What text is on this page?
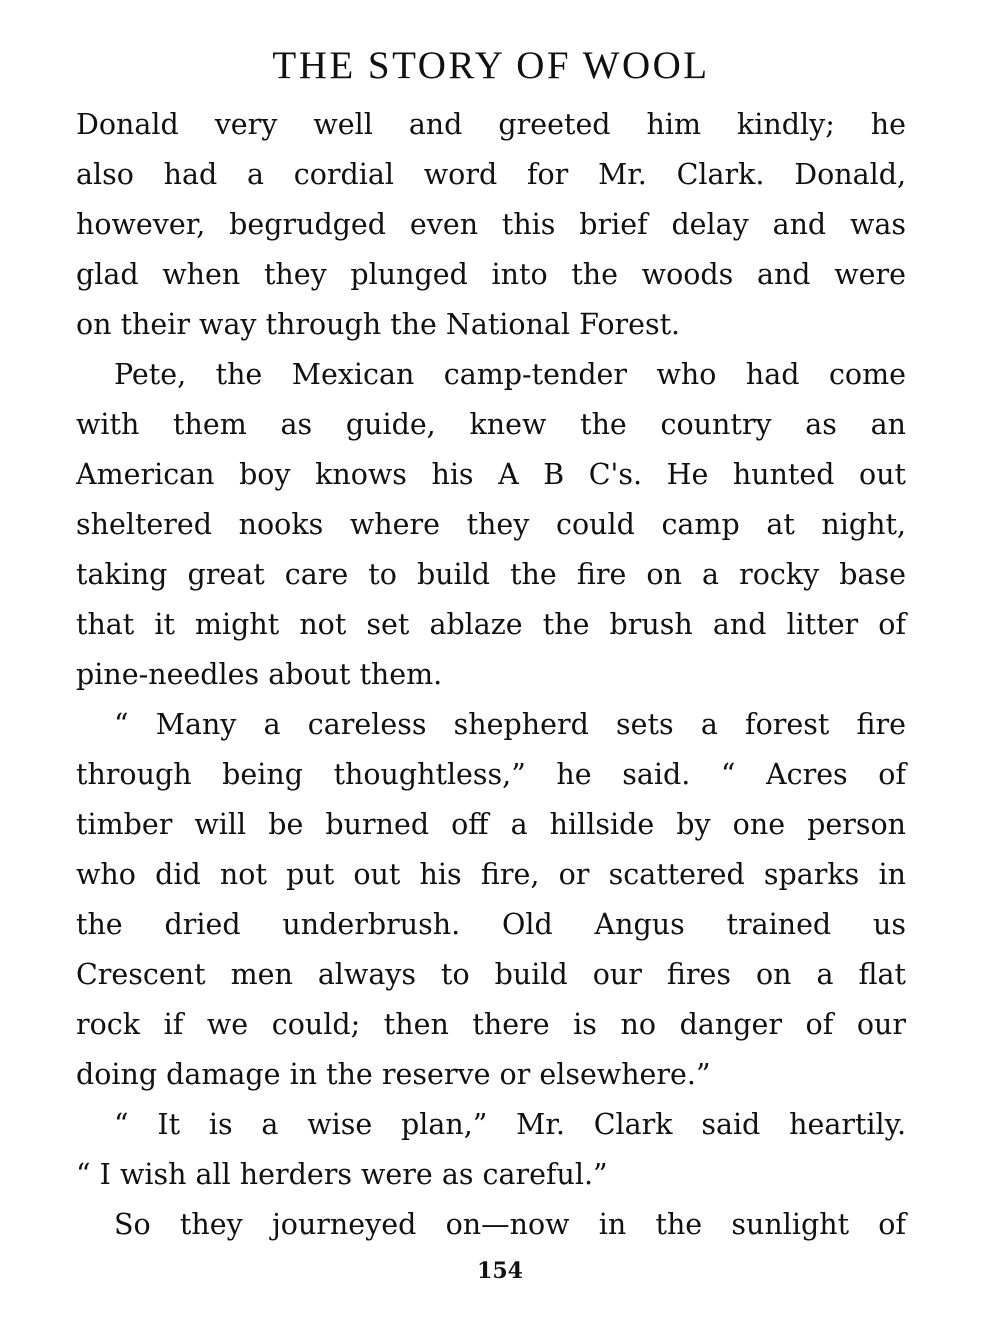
THE STORY OF WOOL
Donald very well and greeted him kindly; he
also had a cordial word for Mr. Clark. Donald,
however, begrudged even this brief delay and was
glad when they plunged into the woods and were
on their way through the National Forest.
Pete, the Mexican camp-tender who had come
with them as guide, knew the country as an
American boy knows his A B C's. He hunted out
sheltered nooks where they could camp at night,
taking great care to build the fire on a rocky base
that it might not set ablaze the brush and litter of
pine-needles about them.
“ Many a careless shepherd sets a forest fire
through being thoughtless,” he said. “ Acres of
timber will be burned off a hillside by one person
who did not put out his fire, or scattered sparks in
the dried underbrush. Old Angus trained us
Crescent men always to build our fires on a flat
rock if we could; then there is no danger of our
doing damage in the reserve or elsewhere.”
“ It is a wise plan,” Mr. Clark said heartily.
“ I wish all herders were as careful.”
So they journeyed on—now in the sunlight of
154
